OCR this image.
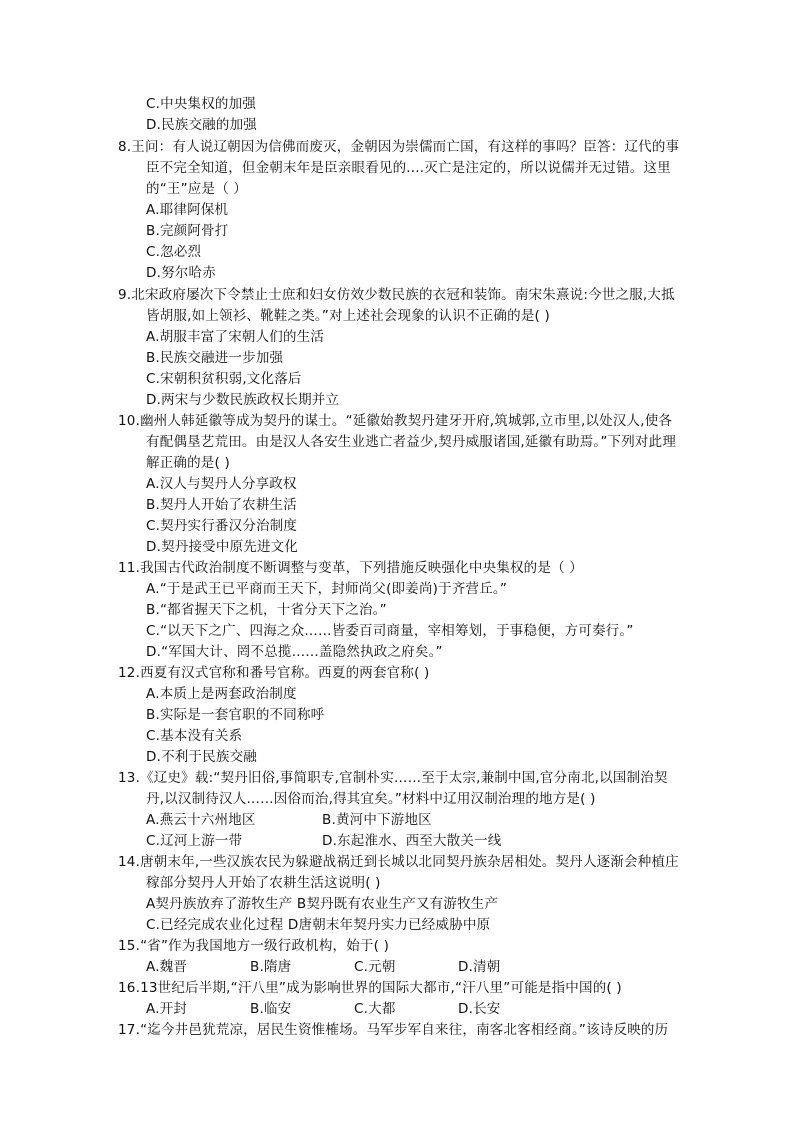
C.中央集权的加强
D.民族交融的加强
8.王问：有人说辽朝因为信佛而废灭，金朝因为崇儒而亡国，有这样的事吗？臣答：辽代的事
臣不完全知道，但金朝末年是臣亲眼看见的....灭亡是注定的，所以说儒并无过错。这里
的“王”应是（ ）
A.耶律阿保机
B.完颜阿骨打
C.忽必烈
D.努尔哈赤
9.北宋政府屡次下令禁止士庶和妇女仿效少数民族的衣冠和装饰。南宋朱熹说:今世之服,大抵
皆胡服,如上领衫、靴鞋之类。”对上述社会现象的认识不正确的是( )
A.胡服丰富了宋朝人们的生活
B.民族交融进一步加强
C.宋朝积贫积弱,文化落后
D.两宋与少数民族政权长期并立
10.幽州人韩延徽等成为契丹的谋士。“延徽始教契丹建牙开府,筑城郭,立市里,以处汉人,使各
有配偶垦艺荒田。由是汉人各安生业逃亡者益少,契丹威服诸国,延徽有助焉。”下列对此理
解正确的是( )
A.汉人与契丹人分享政权
B.契丹人开始了农耕生活
C.契丹实行番汉分治制度
D.契丹接受中原先进文化
11.我国古代政治制度不断调整与变革，下列措施反映强化中央集权的是（ ）
A.“于是武王已平商而王天下，封师尚父(即姜尚)于齐营丘。”
B.“都省握天下之机，十省分天下之治。”
C.“以天下之广、四海之众……皆委百司商量，宰相筹划，于事稳便，方可奏行。”
D.“军国大计、罔不总揽……盖隐然执政之府矣。”
12.西夏有汉式官称和番号官称。西夏的两套官称( )
A.本质上是两套政治制度
B.实际是一套官职的不同称呼
C.基本没有关系
D.不利于民族交融
13.《辽史》载:“契丹旧俗,事简职专,官制朴实……至于太宗,兼制中国,官分南北,以国制治契
丹,以汉制待汉人……因俗而治,得其宜矣。”材料中辽用汉制治理的地方是( )
A.燕云十六州地区	B.黄河中下游地区
C.辽河上游一带	D.东起淮水、西至大散关一线
14.唐朝末年,一些汉族农民为躲避战祸迁到长城以北同契丹族杂居相处。契丹人逐渐会种植庄
稼部分契丹人开始了农耕生活这说明( )
A契丹族放弃了游牧生产 B契丹既有农业生产又有游牧生产
C.已经完成农业化过程 D唐朝末年契丹实力已经威胁中原
15.“省”作为我国地方一级行政机构，始于( )
A.魏晋	B.隋唐	C.元朝	D.清朝
16.13世纪后半期,“汗八里”成为影响世界的国际大都市,“汗八里”可能是指中国的( )
A.开封	B.临安	C.大都	D.长安
17.“迄今井邑犹荒凉，居民生资惟榷场。马军步军自来往，南客北客相经商。”该诗反映的历
